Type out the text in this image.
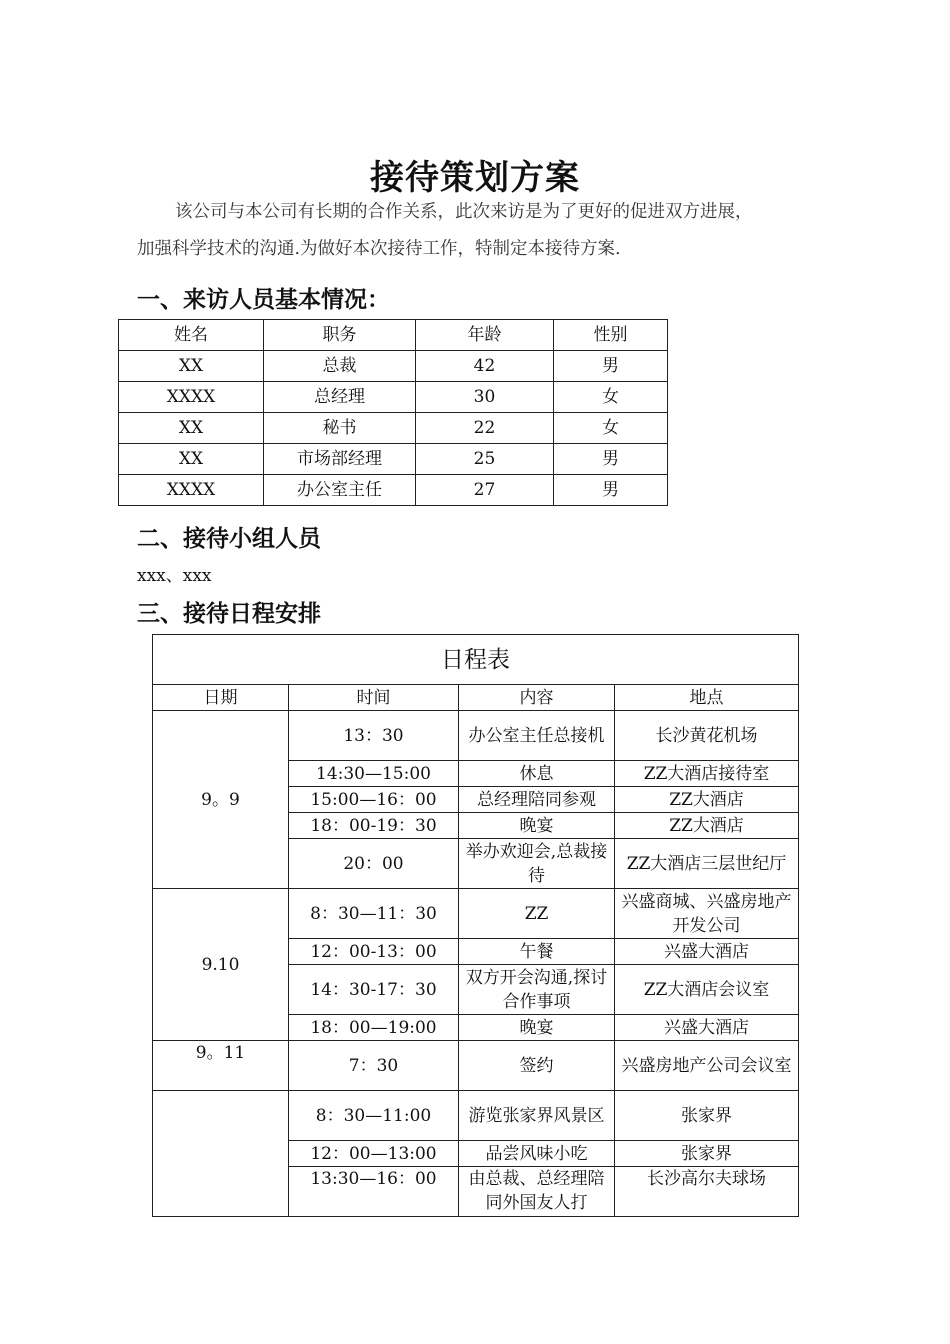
接待策划方案
该公司与本公司有长期的合作关系，此次来访是为了更好的促进双方进展，
加强科学技术的沟通.为做好本次接待工作，特制定本接待方案.
一、来访人员基本情况：
姓名	职务	年龄	性别
XX	总裁	42	男
XXXX	总经理	30	女
XX	秘书	22	女
XX	市场部经理	25	男
XXXX	办公室主任	27	男
二、接待小组人员
xxx、xxx
三、接待日程安排
日程表			
日期	时间	内容	地点
9。9	13：30	办公室主任总接机	长沙黄花机场
	14:30—15:00	休息	ZZ大酒店接待室
	15:00—16：00	总经理陪同参观	ZZ大酒店
	18：00-19：30	晚宴	ZZ大酒店
	20：00	举办欢迎会,总裁接待	ZZ大酒店三层世纪厅
9.10	8：30—11：30	ZZ	兴盛商城、兴盛房地产开发公司
	12：00-13：00	午餐	兴盛大酒店
	14：30-17：30	双方开会沟通,探讨合作事项	ZZ大酒店会议室
	18：00—19:00	晚宴	兴盛大酒店
9。11	7：30	签约	兴盛房地产公司会议室
	8：30—11:00	游览张家界风景区	张家界
	12：00—13:00	品尝风味小吃	张家界
	13:30—16：00	由总裁、总经理陪同外国友人打	长沙高尔夫球场
